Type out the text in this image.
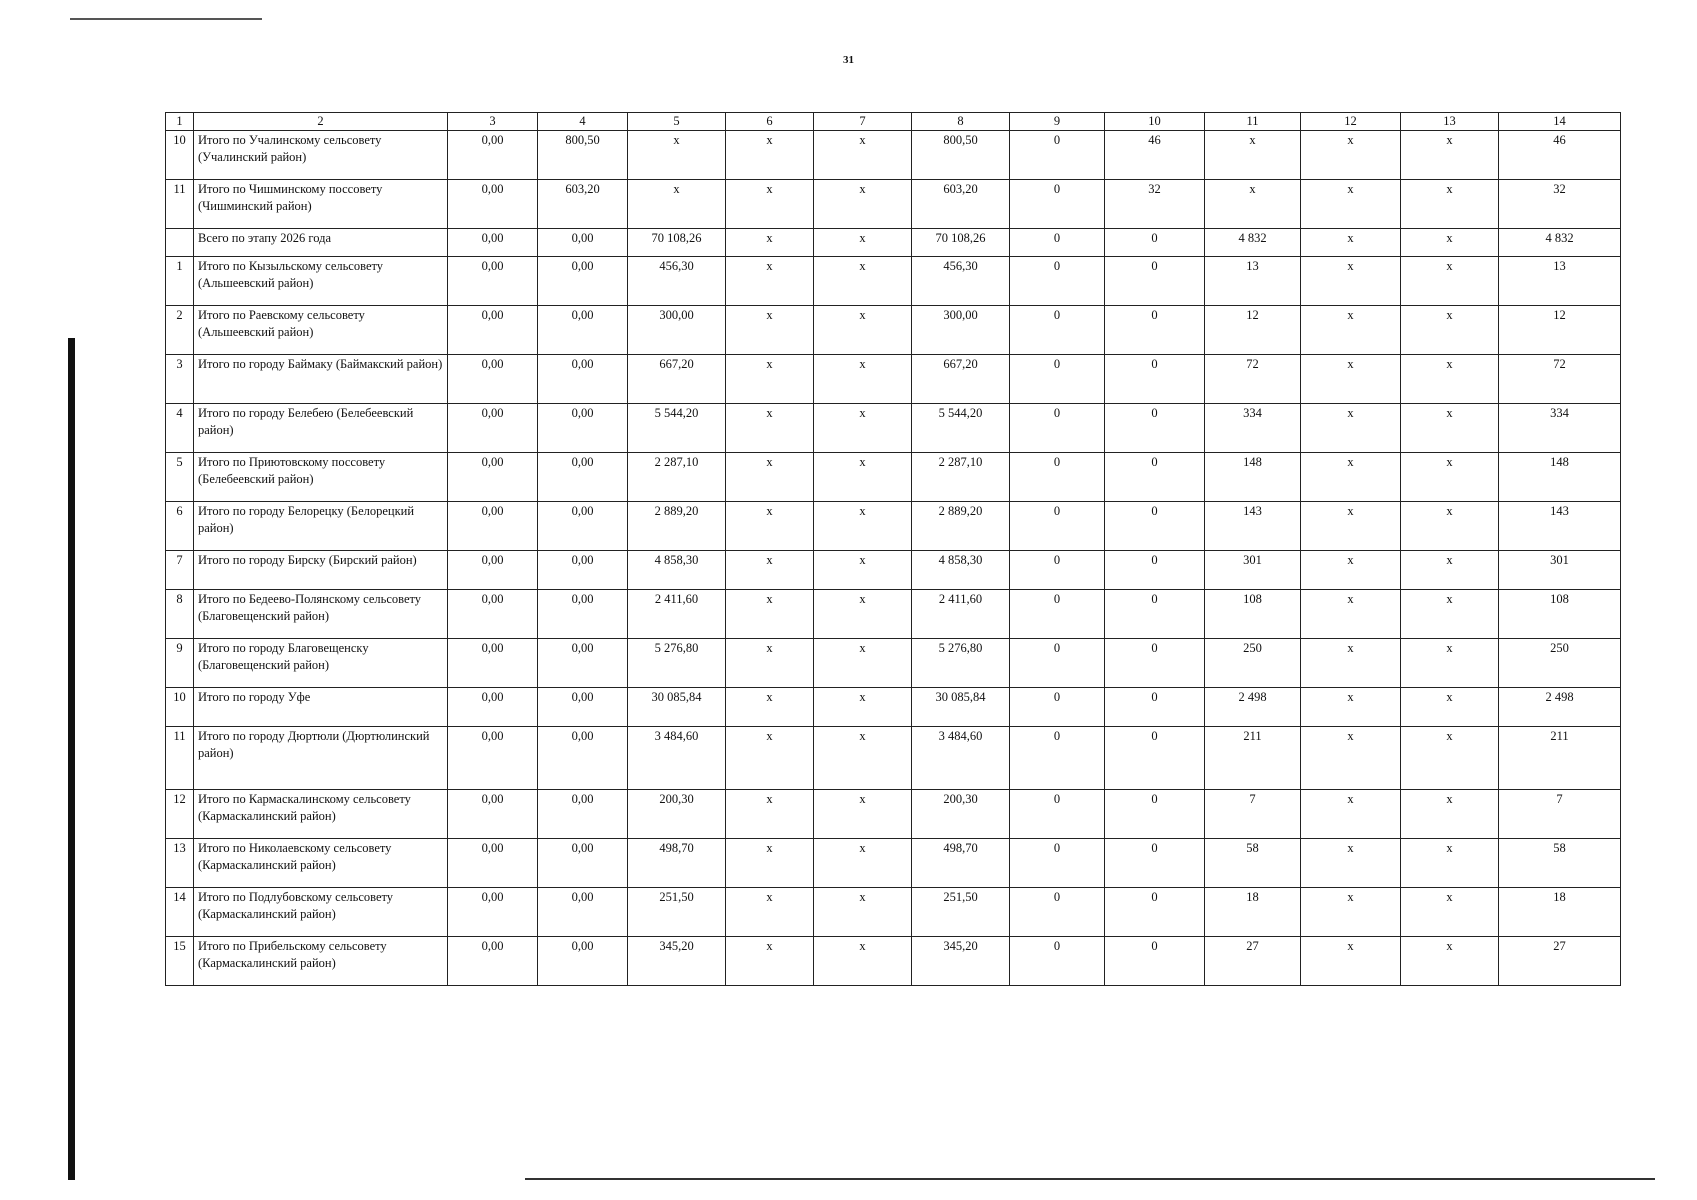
31
1	2	3	4	5	6	7	8	9	10	11	12	13	14
10	Итого по Учалинскому сельсовету (Учалинский район)	0,00	800,50	x	x	x	800,50	0	46	x	x	x	46
11	Итого по Чишминскому поссовету (Чишминский район)	0,00	603,20	x	x	x	603,20	0	32	x	x	x	32
	Всего по этапу 2026 года	0,00	0,00	70 108,26	x	x	70 108,26	0	0	4 832	x	x	4 832
1	Итого по Кызыльскому сельсовету (Альшеевский район)	0,00	0,00	456,30	x	x	456,30	0	0	13	x	x	13
2	Итого по Раевскому сельсовету (Альшеевский район)	0,00	0,00	300,00	x	x	300,00	0	0	12	x	x	12
3	Итого по городу Баймаку (Баймакский район)	0,00	0,00	667,20	x	x	667,20	0	0	72	x	x	72
4	Итого по городу Белебею (Белебеевский район)	0,00	0,00	5 544,20	x	x	5 544,20	0	0	334	x	x	334
5	Итого по Приютовскому поссовету (Белебеевский район)	0,00	0,00	2 287,10	x	x	2 287,10	0	0	148	x	x	148
6	Итого по городу Белорецку (Белорецкий район)	0,00	0,00	2 889,20	x	x	2 889,20	0	0	143	x	x	143
7	Итого по городу Бирску (Бирский район)	0,00	0,00	4 858,30	x	x	4 858,30	0	0	301	x	x	301
8	Итого по Бедеево-Полянскому сельсовету (Благовещенский район)	0,00	0,00	2 411,60	x	x	2 411,60	0	0	108	x	x	108
9	Итого по городу Благовещенску (Благовещенский район)	0,00	0,00	5 276,80	x	x	5 276,80	0	0	250	x	x	250
10	Итого по городу Уфе	0,00	0,00	30 085,84	x	x	30 085,84	0	0	2 498	x	x	2 498
11	Итого по городу Дюртюли (Дюртюлинский район)	0,00	0,00	3 484,60	x	x	3 484,60	0	0	211	x	x	211
12	Итого по Кармаскалинскому сельсовету (Кармаскалинский район)	0,00	0,00	200,30	x	x	200,30	0	0	7	x	x	7
13	Итого по Николаевскому сельсовету (Кармаскалинский район)	0,00	0,00	498,70	x	x	498,70	0	0	58	x	x	58
14	Итого по Подлубовскому сельсовету (Кармаскалинский район)	0,00	0,00	251,50	x	x	251,50	0	0	18	x	x	18
15	Итого по Прибельскому сельсовету (Кармаскалинский район)	0,00	0,00	345,20	x	x	345,20	0	0	27	x	x	27
